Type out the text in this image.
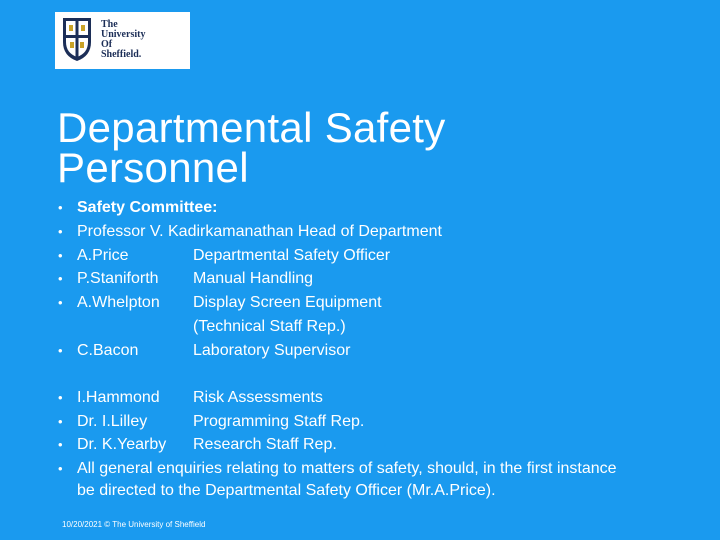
The
University
Of
Sheffield.
Departmental Safety
Personnel
• Safety Committee:
• Professor V. Kadirkamanathan Head of Department
• A.Price	Departmental Safety Officer
• P.Staniforth Manual Handling
• A.Whelpton Display Screen Equipment
(Technical Staff Rep.)
• C.Bacon	Laboratory Supervisor
• I.Hammond Risk Assessments
• Dr. I.Lilley	Programming Staff Rep.
• Dr. K.Yearby Research Staff Rep.
• All general enquiries relating to matters of safety, should, in the first instance
be directed to the Departmental Safety Officer (Mr.A.Price).
10/20/2021 © The University of Sheffield
